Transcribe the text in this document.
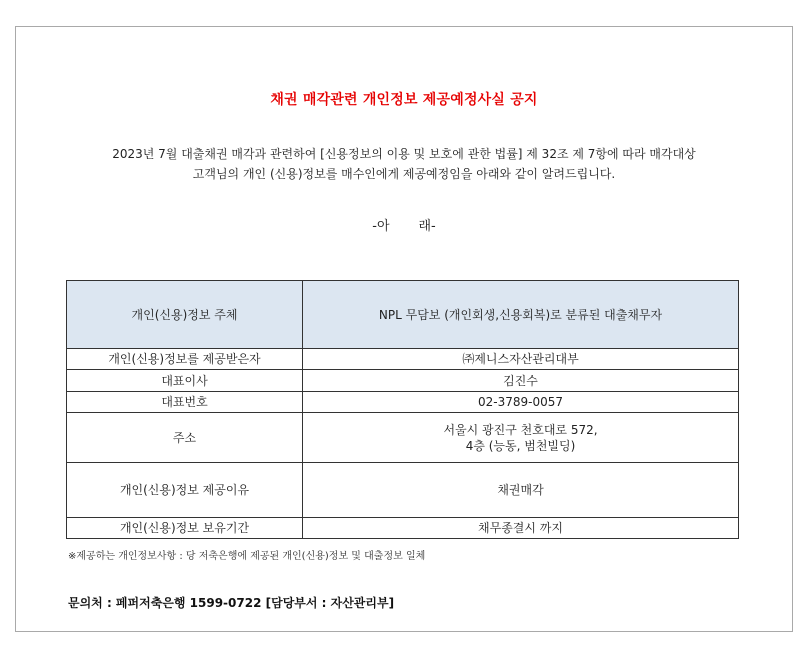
채권 매각관련 개인정보 제공예정사실 공지
2023년 7월 대출채권 매각과 관련하여 [신용정보의 이용 및 보호에 관한 법률] 제 32조 제 7항에 따라 매각대상
고객님의 개인 (신용)정보를 매수인에게 제공예정임을 아래와 같이 알려드립니다.
-아       래-
개인(신용)정보 주체	NPL 무담보 (개인회생,신용회복)로 분류된 대출채무자
개인(신용)정보를 제공받은자	㈜제니스자산관리대부
대표이사	김진수
대표번호	02-3789-0057
주소	서울시 광진구 천호대로 572,
4층 (능동, 범천빌딩)

개인(신용)정보 제공이유	채권매각
개인(신용)정보 보유기간	채무종결시 까지
※제공하는 개인정보사항 : 당 저축은행에 제공된 개인(신용)정보 및 대출정보 일체
문의처 : 페퍼저축은행 1599-0722 [담당부서 : 자산관리부]
